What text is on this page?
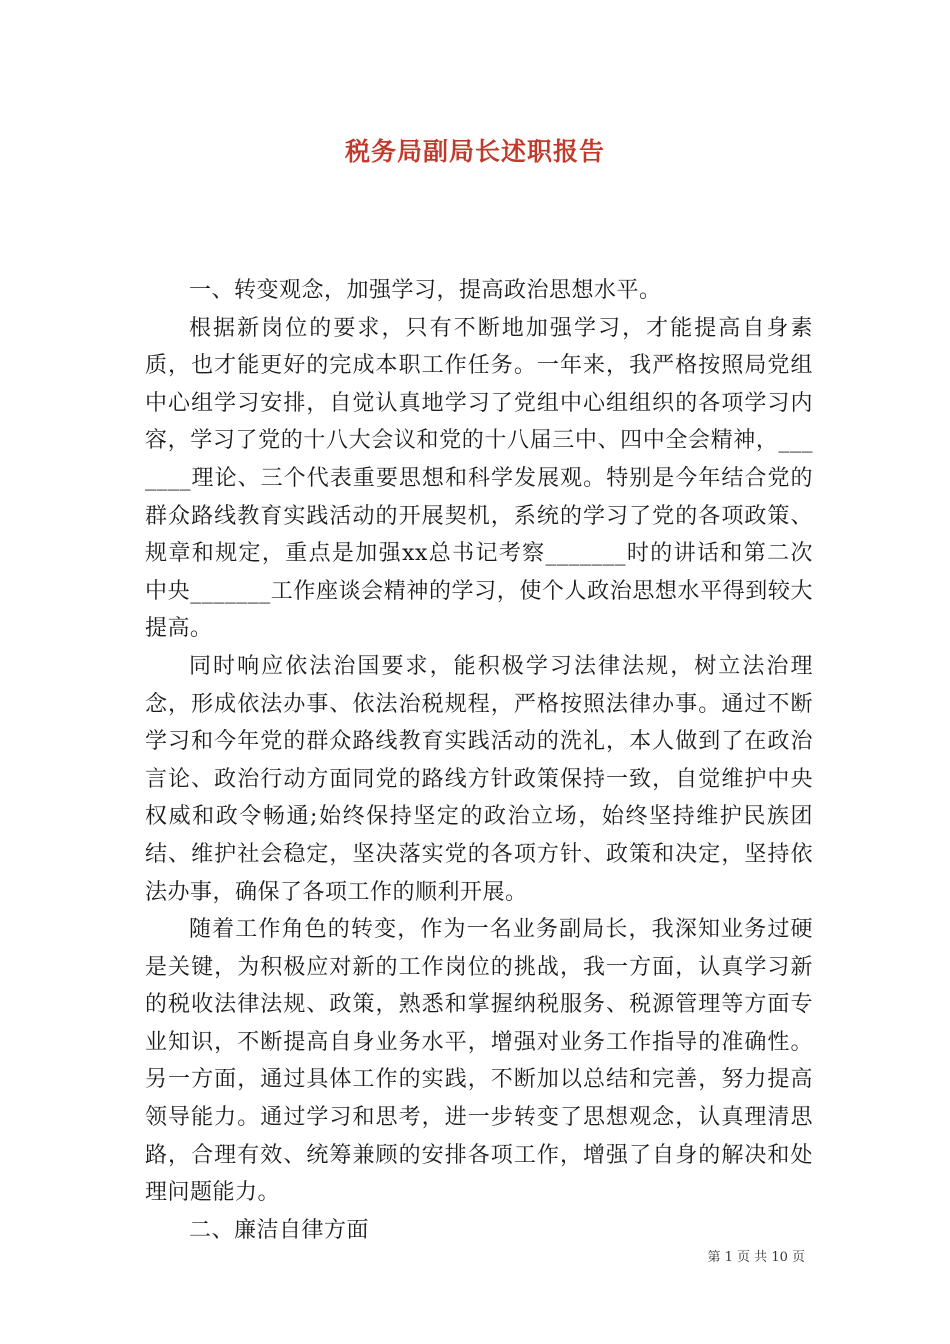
税务局副局长述职报告

一、转变观念，加强学习，提高政治思想水平。

根据新岗位的要求，只有不断地加强学习，才能提高自身素质，也才能更好的完成本职工作任务。一年来，我严格按照局党组中心组学习安排，自觉认真地学习了党组中心组组织的各项学习内容，学习了党的十八大会议和党的十八届三中、四中全会精神，_______理论、三个代表重要思想和科学发展观。特别是今年结合党的群众路线教育实践活动的开展契机，系统的学习了党的各项政策、规章和规定，重点是加强xx总书记考察_______时的讲话和第二次中央_______工作座谈会精神的学习，使个人政治思想水平得到较大提高。

同时响应依法治国要求，能积极学习法律法规，树立法治理念，形成依法办事、依法治税规程，严格按照法律办事。通过不断学习和今年党的群众路线教育实践活动的洗礼，本人做到了在政治言论、政治行动方面同党的路线方针政策保持一致，自觉维护中央权威和政令畅通;始终保持坚定的政治立场，始终坚持维护民族团结、维护社会稳定，坚决落实党的各项方针、政策和决定，坚持依法办事，确保了各项工作的顺利开展。

随着工作角色的转变，作为一名业务副局长，我深知业务过硬是关键，为积极应对新的工作岗位的挑战，我一方面，认真学习新的税收法律法规、政策，熟悉和掌握纳税服务、税源管理等方面专业知识，不断提高自身业务水平，增强对业务工作指导的准确性。另一方面，通过具体工作的实践，不断加以总结和完善，努力提高领导能力。通过学习和思考，进一步转变了思想观念，认真理清思路，合理有效、统筹兼顾的安排各项工作，增强了自身的解决和处理问题能力。

二、廉洁自律方面

第 1 页 共 10 页
